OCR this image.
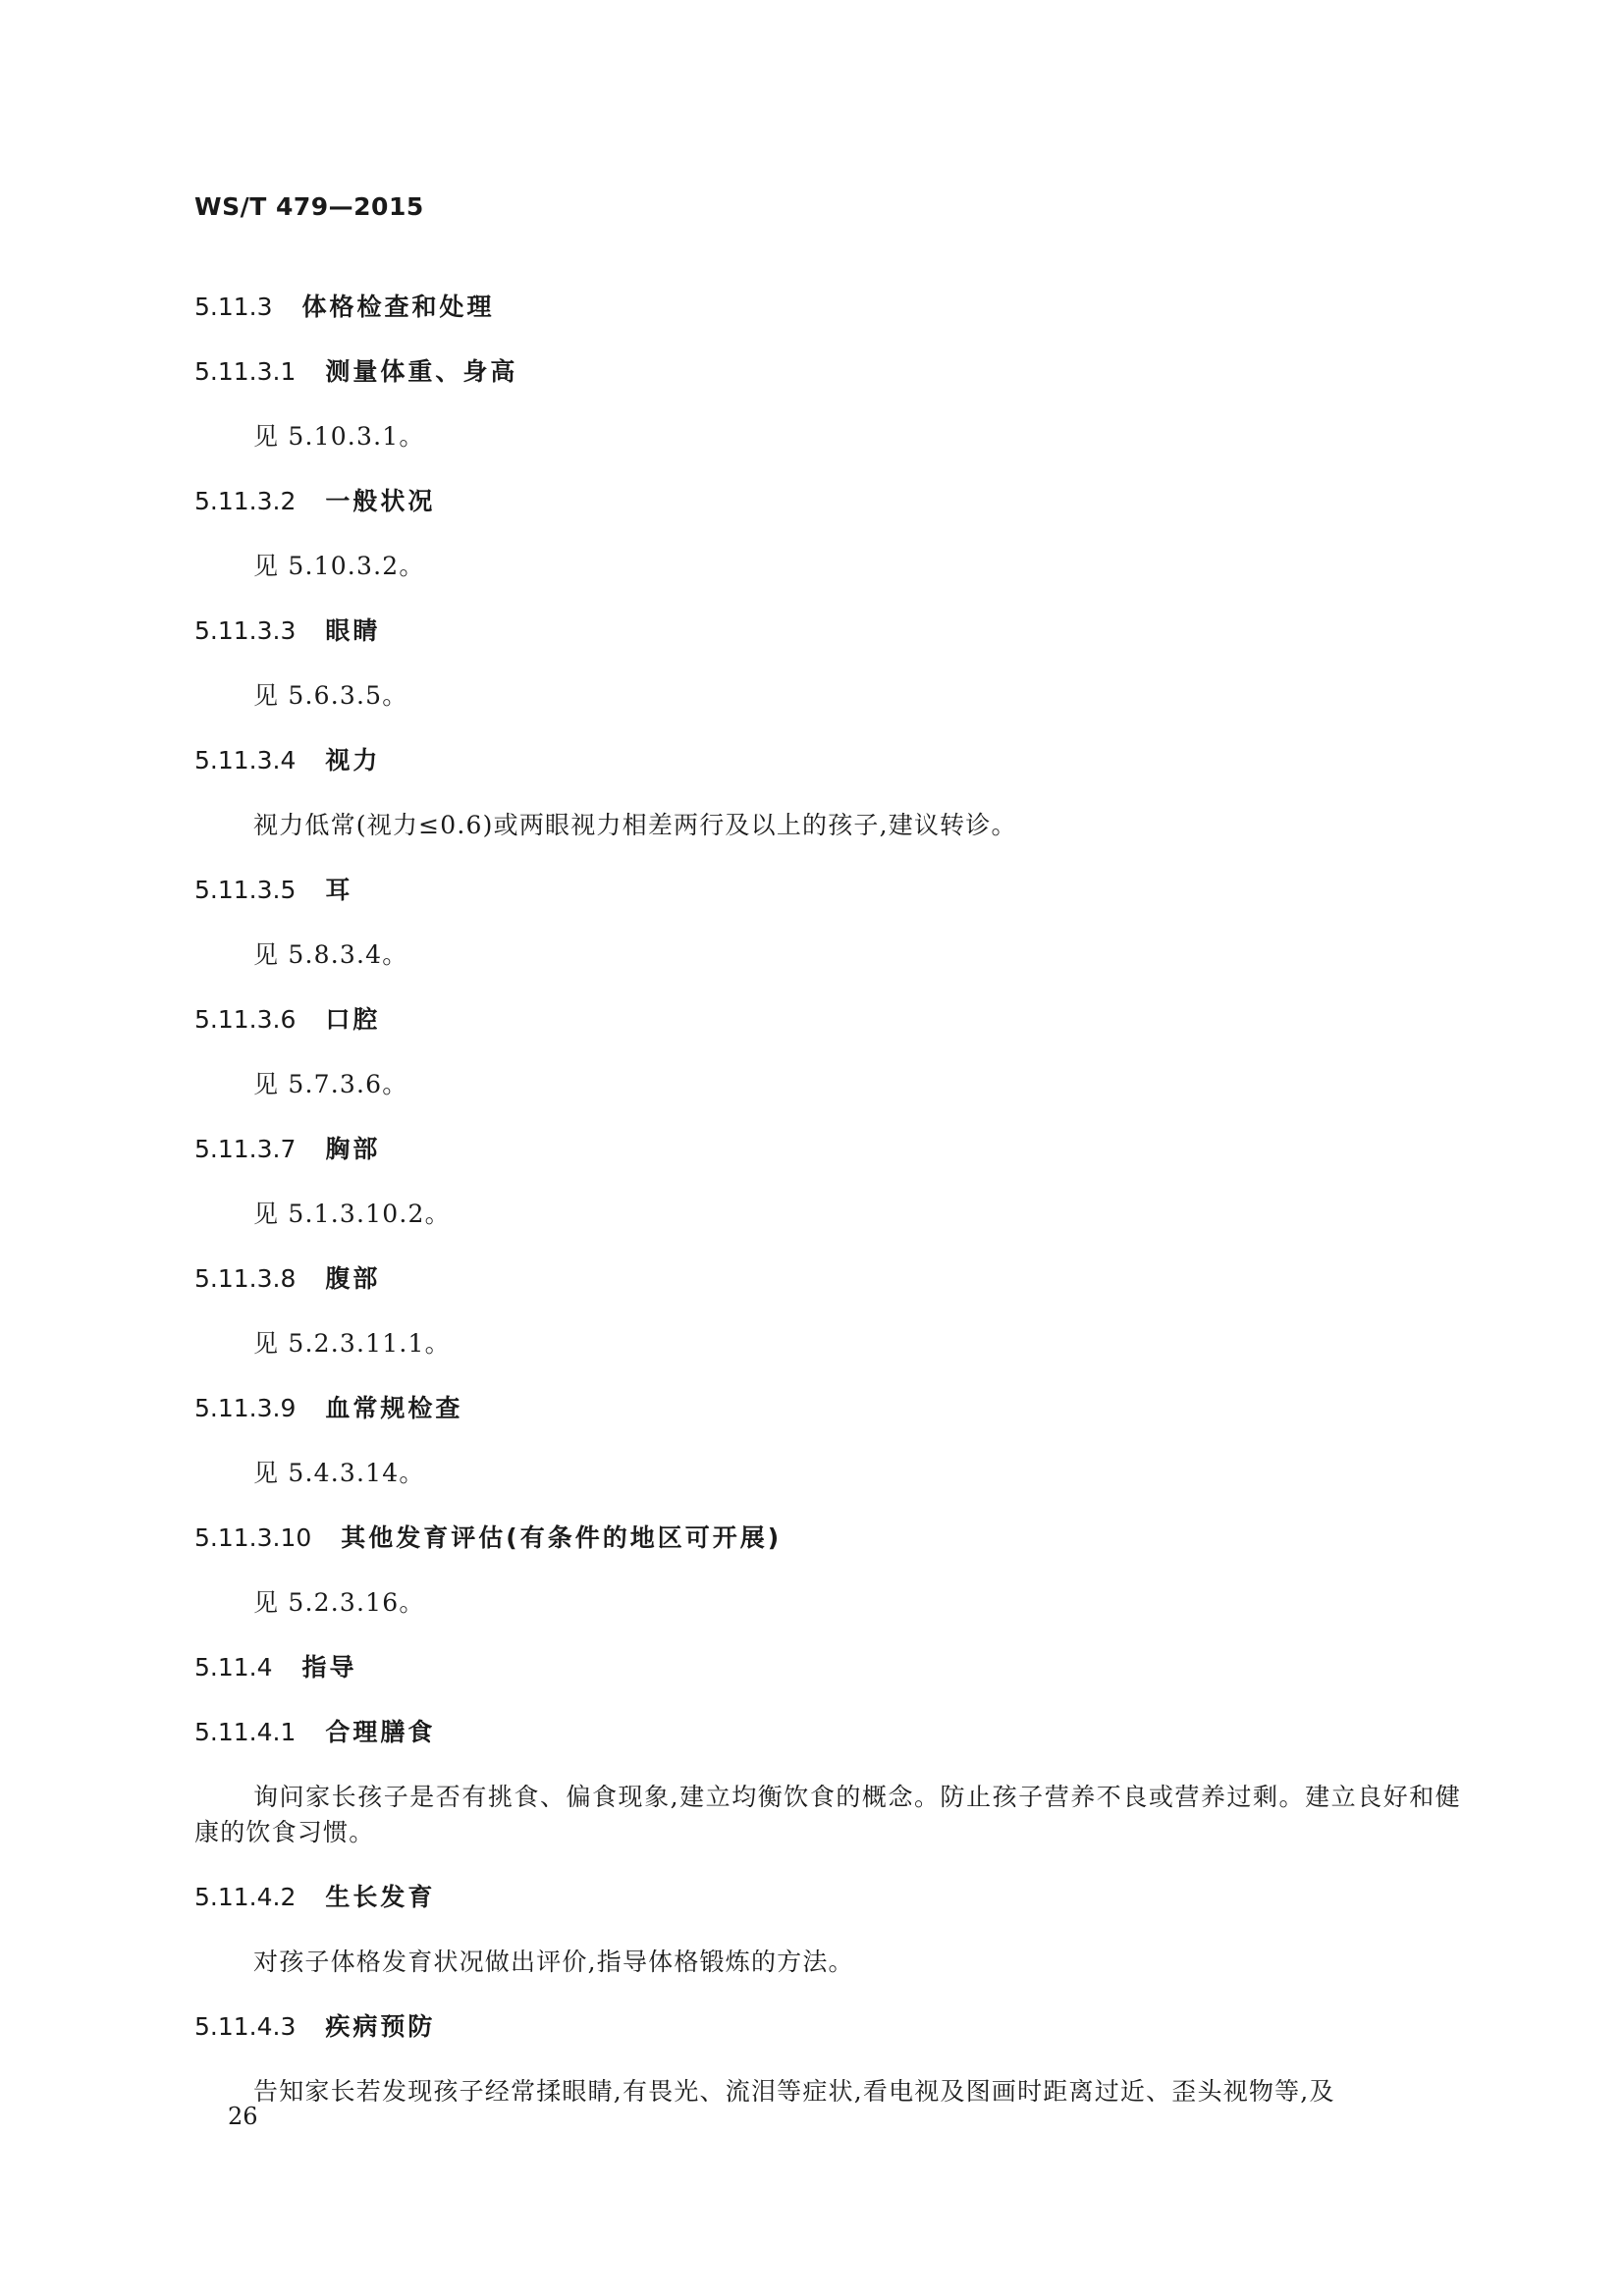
WS/T 479—2015
5.11.3 体格检查和处理
5.11.3.1 测量体重、身高

见 5.10.3.1。

5.11.3.2 一般状况

见 5.10.3.2。

5.11.3.3 眼睛

见 5.6.3.5。

5.11.3.4 视力

视力低常(视力≤0.6)或两眼视力相差两行及以上的孩子,建议转诊。

5.11.3.5 耳

见 5.8.3.4。

5.11.3.6 口腔

见 5.7.3.6。

5.11.3.7 胸部

见 5.1.3.10.2。

5.11.3.8 腹部

见 5.2.3.11.1。

5.11.3.9 血常规检查

见 5.4.3.14。

5.11.3.10 其他发育评估(有条件的地区可开展)

见 5.2.3.16。

5.11.4 指导
5.11.4.1 合理膳食

询问家长孩子是否有挑食、偏食现象,建立均衡饮食的概念。防止孩子营养不良或营养过剩。建立良好和健康的饮食习惯。

5.11.4.2 生长发育

对孩子体格发育状况做出评价,指导体格锻炼的方法。

5.11.4.3 疾病预防

告知家长若发现孩子经常揉眼睛,有畏光、流泪等症状,看电视及图画时距离过近、歪头视物等,及

26
